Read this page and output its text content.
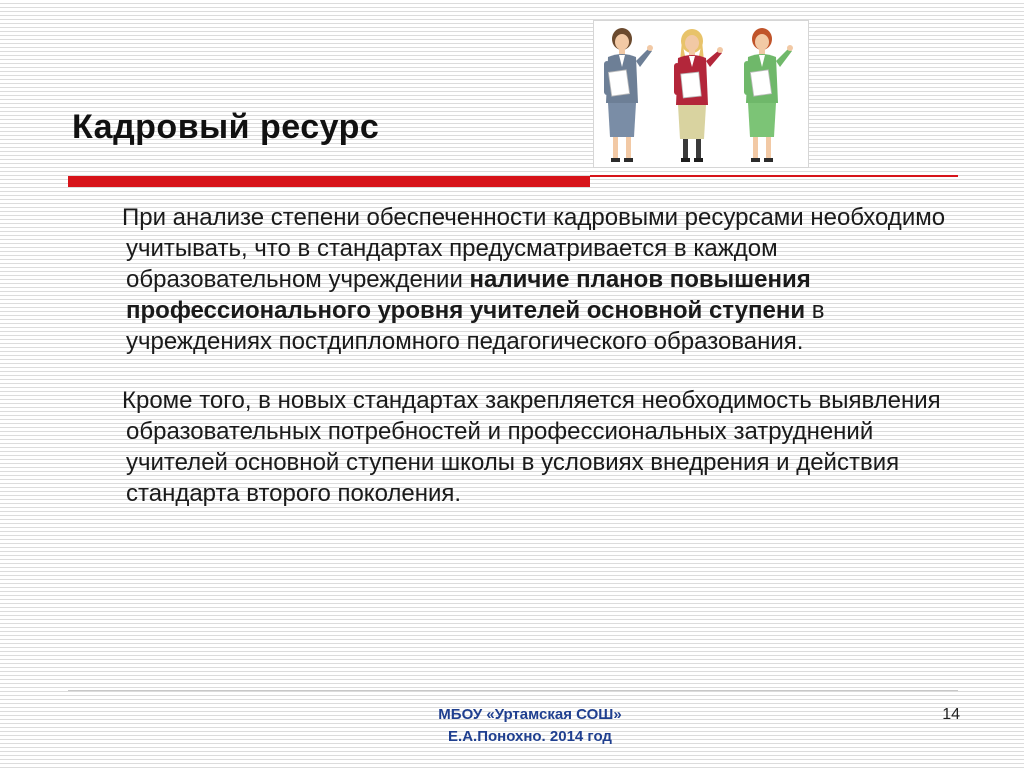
Кадровый ресурс

При анализе степени обеспеченности кадровыми ресурсами необходимо учитывать, что в стандартах предусматривается в каждом образовательном учреждении наличие планов повышения профессионального уровня учителей основной ступени в учреждениях постдипломного педагогического образования.

Кроме того, в новых стандартах закрепляется необходимость выявления образовательных потребностей и профессиональных затруднений учителей основной ступени школы в условиях внедрения и действия стандарта второго поколения.

МБОУ «Уртамская СОШ»
Е.А.Понохно. 2014 год
14
